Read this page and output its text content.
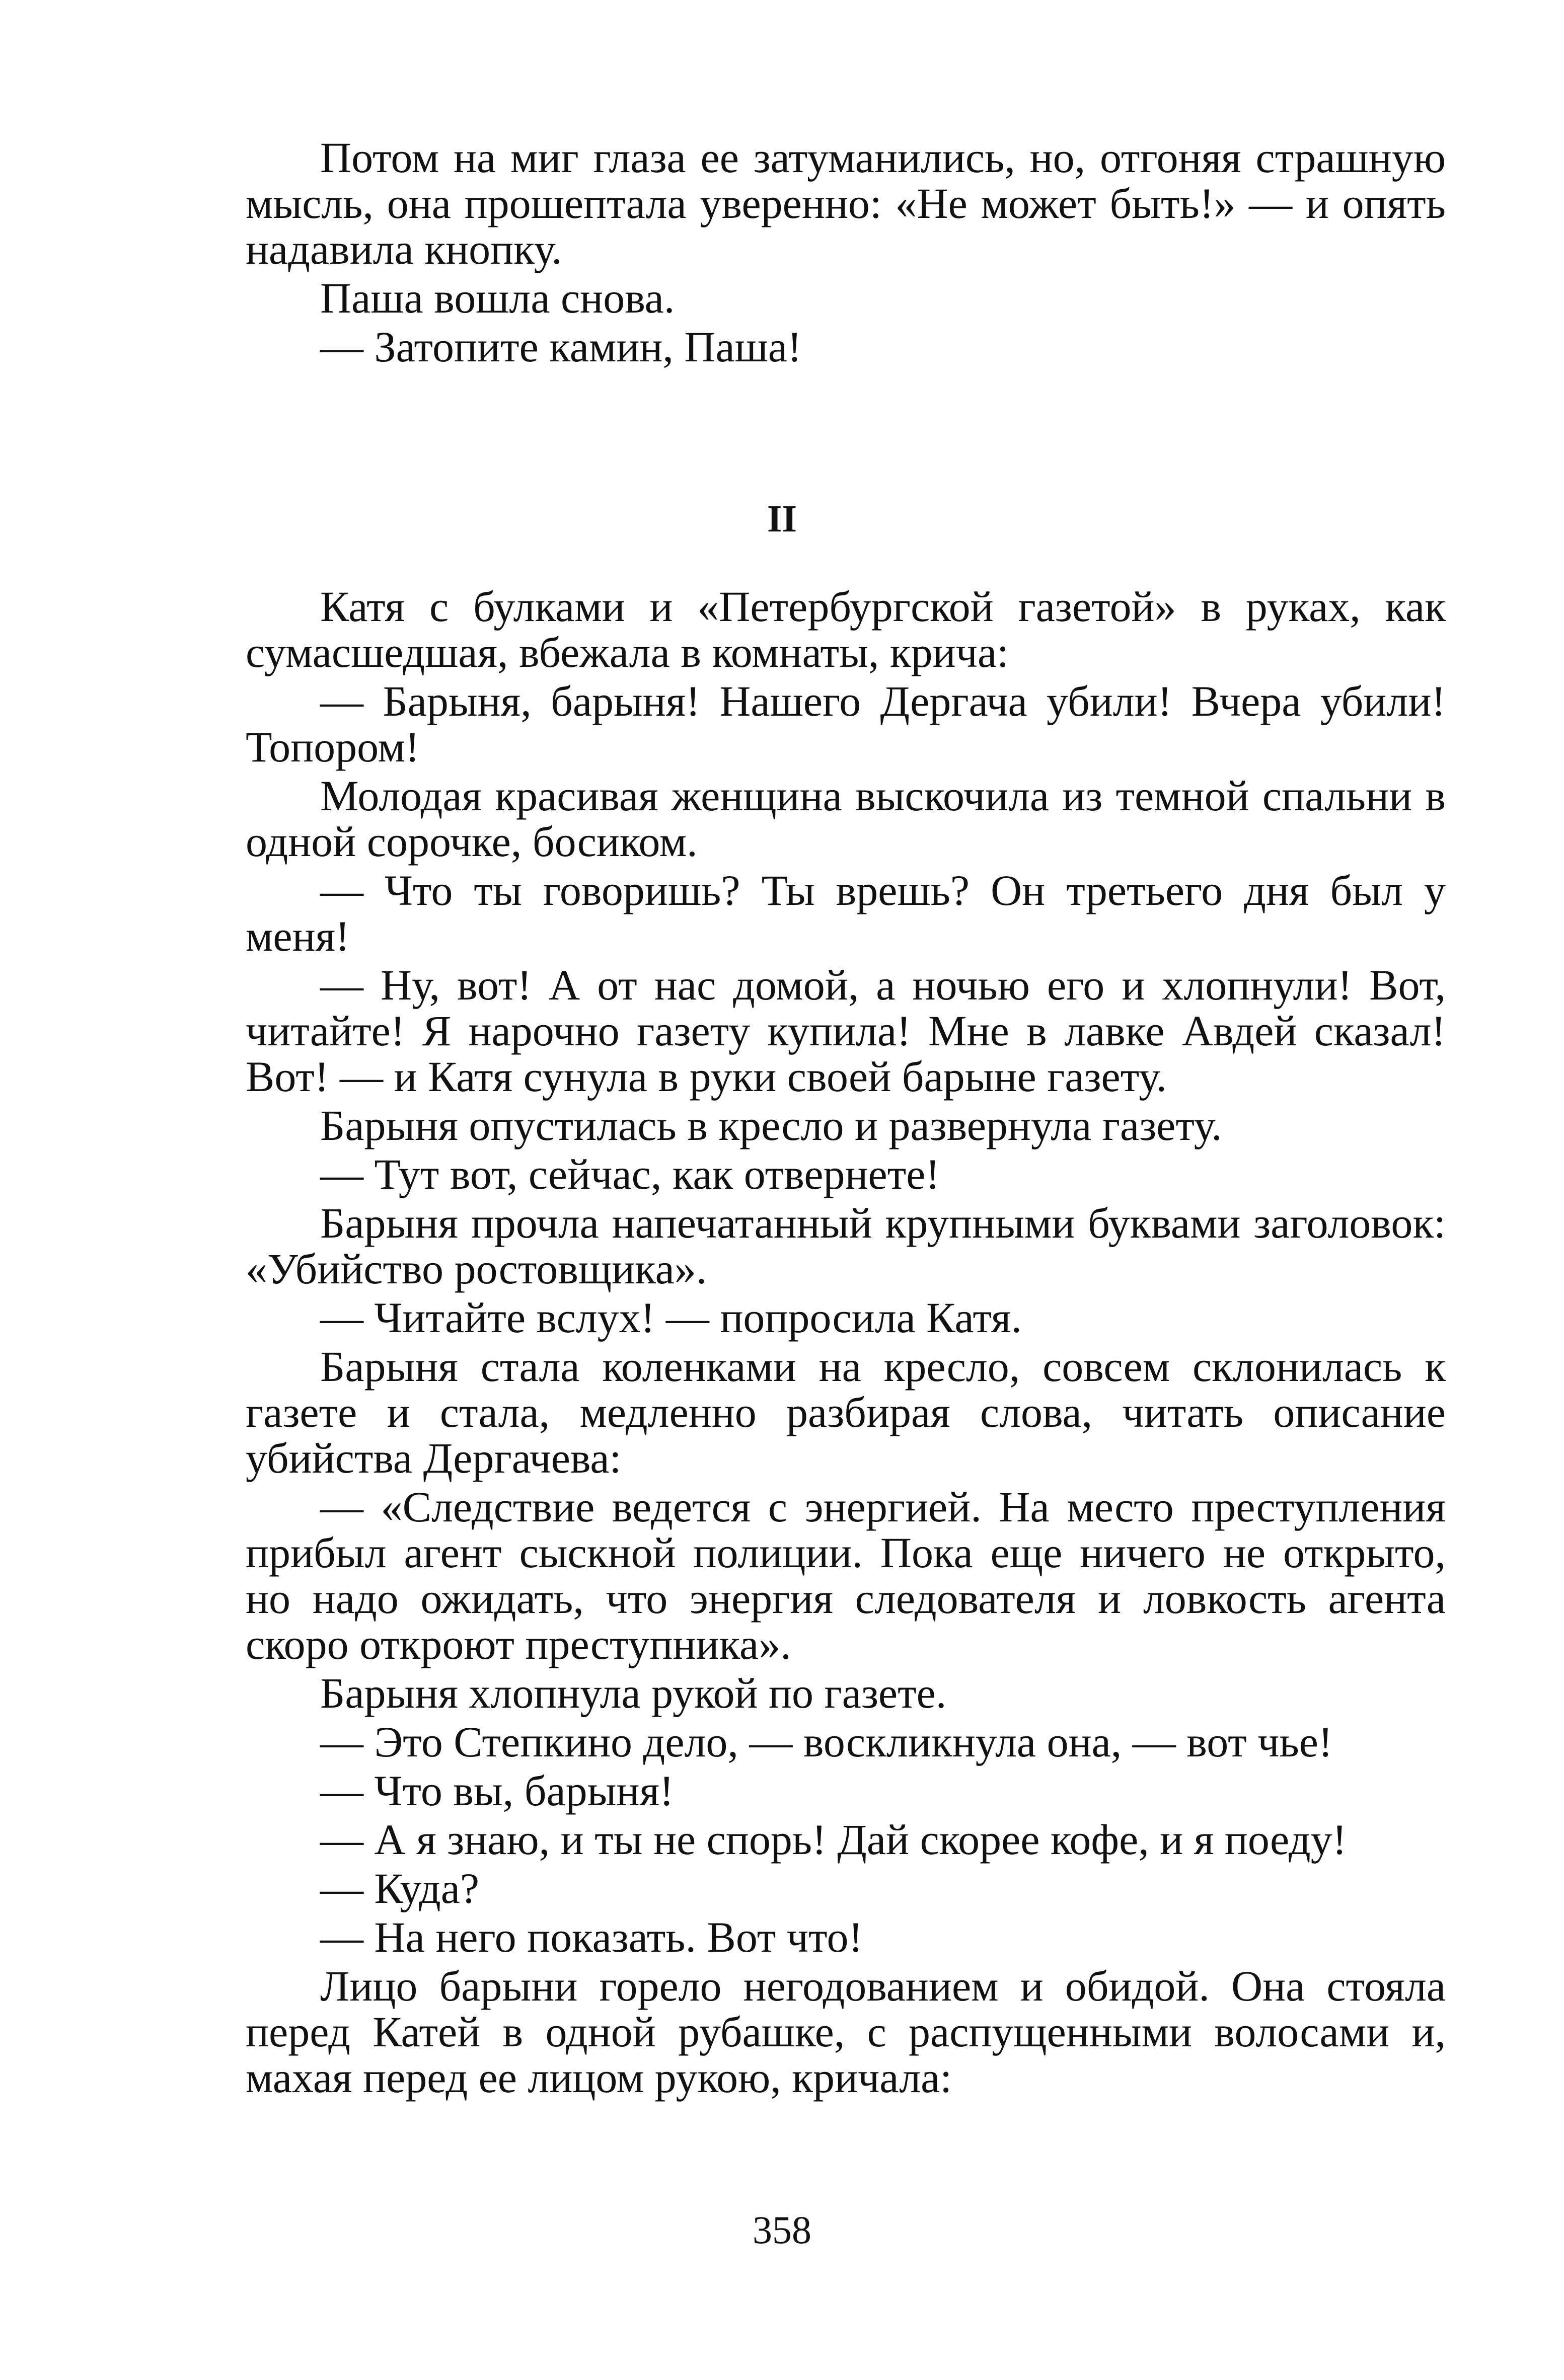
Потом на миг глаза ее затуманились, но, отгоняя страшную мысль, она прошептала уверенно: «Не может быть!» — и опять надавила кнопку.

Паша вошла снова.

— Затопите камин, Паша!

II

Катя с булками и «Петербургской газетой» в руках, как сумасшедшая, вбежала в комнаты, крича:

— Барыня, барыня! Нашего Дергача убили! Вчера убили! Топором!

Молодая красивая женщина выскочила из темной спальни в одной сорочке, босиком.

— Что ты говоришь? Ты врешь? Он третьего дня был у меня!

— Ну, вот! А от нас домой, а ночью его и хлопнули! Вот, читайте! Я нарочно газету купила! Мне в лавке Авдей сказал! Вот! — и Катя сунула в руки своей барыне газету.

Барыня опустилась в кресло и развернула газету.

— Тут вот, сейчас, как отвернете!

Барыня прочла напечатанный крупными буквами заголовок: «Убийство ростовщика».

— Читайте вслух! — попросила Катя.

Барыня стала коленками на кресло, совсем склонилась к газете и стала, медленно разбирая слова, читать описание убийства Дергачева:

— «Следствие ведется с энергией. На место преступления прибыл агент сыскной полиции. Пока еще ничего не открыто, но надо ожидать, что энергия следователя и ловкость агента скоро откроют преступника».

Барыня хлопнула рукой по газете.

— Это Степкино дело, — воскликнула она, — вот чье!

— Что вы, барыня!

— А я знаю, и ты не спорь! Дай скорее кофе, и я поеду!

— Куда?

— На него показать. Вот что!

Лицо барыни горело негодованием и обидой. Она стояла перед Катей в одной рубашке, с распущенными волосами и, махая перед ее лицом рукою, кричала:

358
